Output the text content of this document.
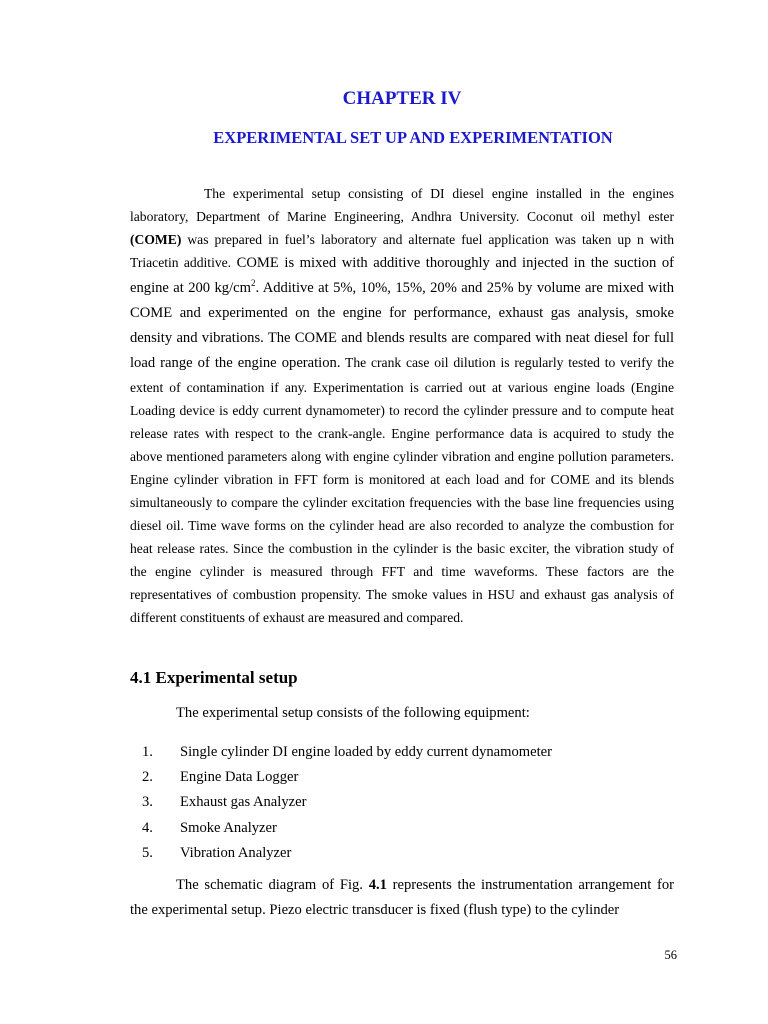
CHAPTER IV
EXPERIMENTAL SET UP AND EXPERIMENTATION

The experimental setup consisting of DI diesel engine installed in the engines laboratory, Department of Marine Engineering, Andhra University. Coconut oil methyl ester (COME) was prepared in fuel’s laboratory and alternate fuel application was taken up n with Triacetin additive. COME is mixed with additive thoroughly and injected in the suction of engine at 200 $kg/cm^2$. Additive at 5%, 10%, 15%, 20% and 25% by volume are mixed with COME and experimented on the engine for performance, exhaust gas analysis, smoke density and vibrations. The COME and blends results are compared with neat diesel for full load range of the engine operation. The crank case oil dilution is regularly tested to verify the extent of contamination if any. Experimentation is carried out at various engine loads (Engine Loading device is eddy current dynamometer) to record the cylinder pressure and to compute heat release rates with respect to the crank-angle. Engine performance data is acquired to study the above mentioned parameters along with engine cylinder vibration and engine pollution parameters. Engine cylinder vibration in FFT form is monitored at each load and for COME and its blends simultaneously to compare the cylinder excitation frequencies with the base line frequencies using diesel oil. Time wave forms on the cylinder head are also recorded to analyze the combustion for heat release rates. Since the combustion in the cylinder is the basic exciter, the vibration study of the engine cylinder is measured through FFT and time waveforms. These factors are the representatives of combustion propensity. The smoke values in HSU and exhaust gas analysis of different constituents of exhaust are measured and compared.

4.1 Experimental setup

The experimental setup consists of the following equipment:

1. Single cylinder DI engine loaded by eddy current dynamometer
2. Engine Data Logger
3. Exhaust gas Analyzer
4. Smoke Analyzer
5. Vibration Analyzer

The schematic diagram of Fig. 4.1 represents the instrumentation arrangement for the experimental setup. Piezo electric transducer is fixed (flush type) to the cylinder

56
